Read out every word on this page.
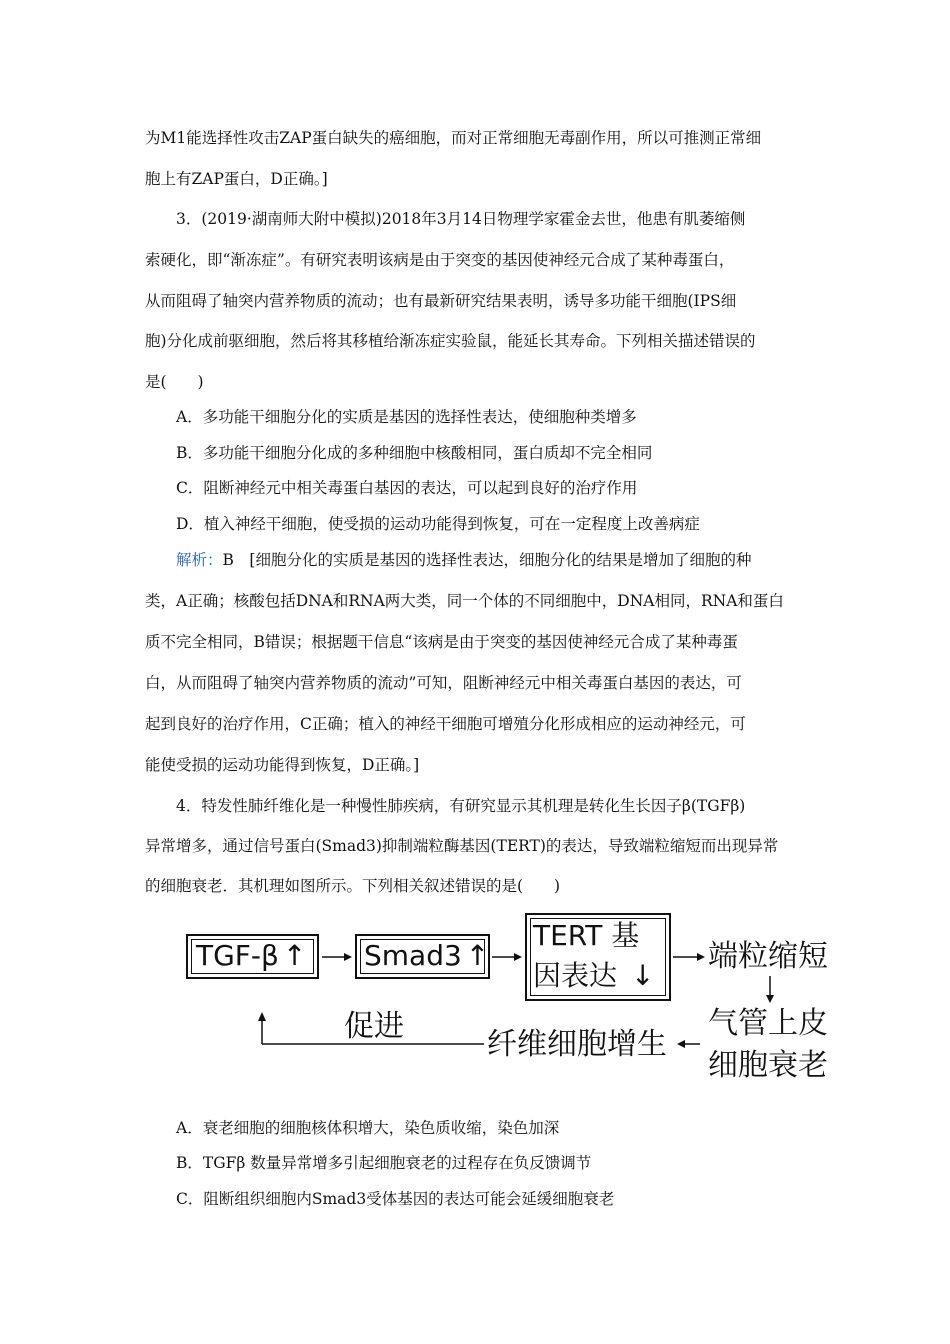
为M1能选择性攻击ZAP蛋白缺失的癌细胞，而对正常细胞无毒副作用，所以可推测正常细
胞上有ZAP蛋白，D正确。]
3．(2019·湖南师大附中模拟)2018年3月14日物理学家霍金去世，他患有肌萎缩侧
索硬化，即“渐冻症”。有研究表明该病是由于突变的基因使神经元合成了某种毒蛋白，
从而阻碍了轴突内营养物质的流动；也有最新研究结果表明，诱导多功能干细胞(IPS细
胞)分化成前驱细胞，然后将其移植给渐冻症实验鼠，能延长其寿命。下列相关描述错误的
是(　　)
A．多功能干细胞分化的实质是基因的选择性表达，使细胞种类增多
B．多功能干细胞分化成的多种细胞中核酸相同，蛋白质却不完全相同
C．阻断神经元中相关毒蛋白基因的表达，可以起到良好的治疗作用
D．植入神经干细胞，使受损的运动功能得到恢复，可在一定程度上改善病症
解析：B　[细胞分化的实质是基因的选择性表达，细胞分化的结果是增加了细胞的种
类，A正确；核酸包括DNA和RNA两大类，同一个体的不同细胞中，DNA相同，RNA和蛋白
质不完全相同，B错误；根据题干信息“该病是由于突变的基因使神经元合成了某种毒蛋
白，从而阻碍了轴突内营养物质的流动”可知，阻断神经元中相关毒蛋白基因的表达，可
起到良好的治疗作用，C正确；植入的神经干细胞可增殖分化形成相应的运动神经元，可
能使受损的运动功能得到恢复，D正确。]
4．特发性肺纤维化是一种慢性肺疾病，有研究显示其机理是转化生长因子β(TGFβ)
异常增多，通过信号蛋白(Smad3)抑制端粒酶基因(TERT)的表达，导致端粒缩短而出现异常
的细胞衰老．其机理如图所示。下列相关叙述错误的是(　　)
TGF-β ↑ Smad3 ↑
TERT 基
因表达 ↓
端粒缩短
气管上皮
细胞衰老
纤维细胞增生
促进
A．衰老细胞的细胞核体积增大，染色质收缩，染色加深
B．TGFβ 数量异常增多引起细胞衰老的过程存在负反馈调节
C．阻断组织细胞内Smad3受体基因的表达可能会延缓细胞衰老
